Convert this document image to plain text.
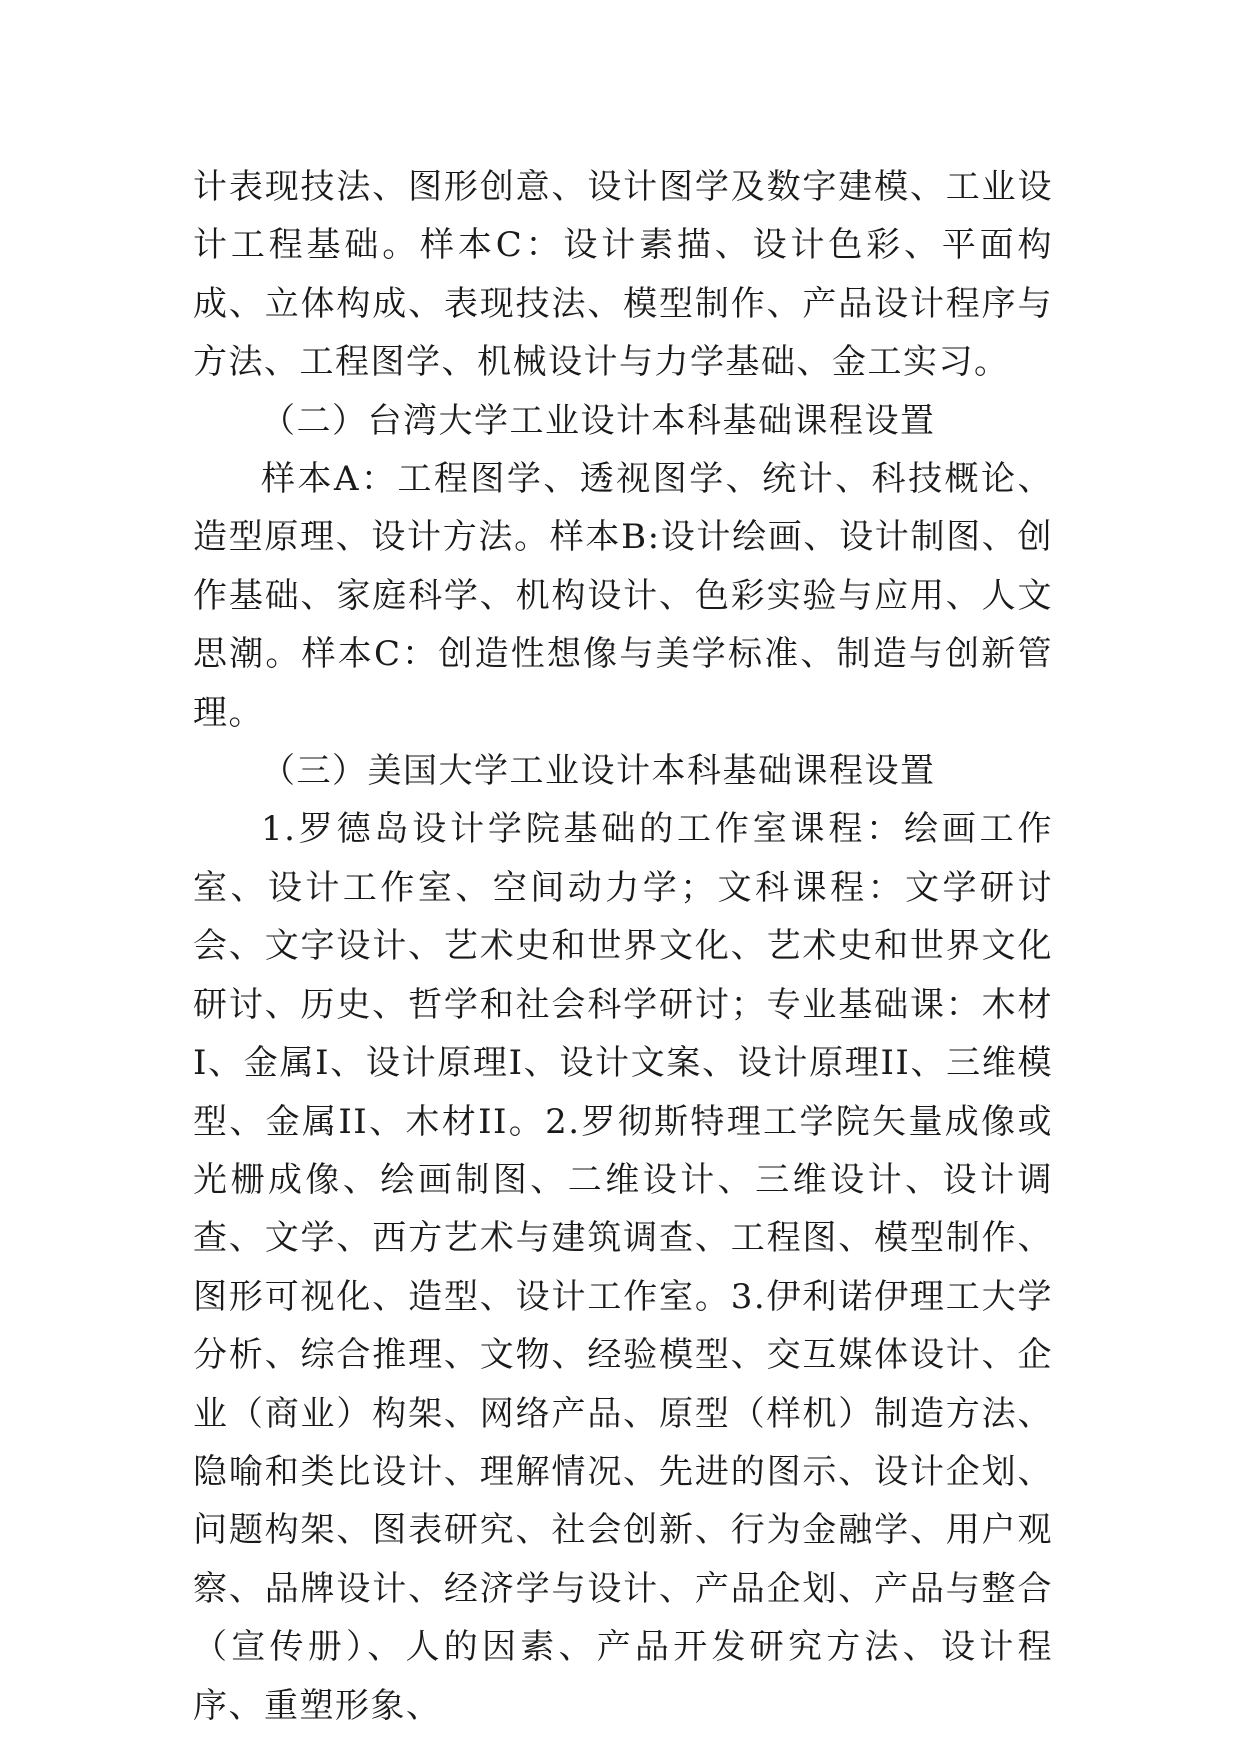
计表现技法、图形创意、设计图学及数字建模、工业设计工程基础。样本C：设计素描、设计色彩、平面构成、立体构成、表现技法、模型制作、产品设计程序与方法、工程图学、机械设计与力学基础、金工实习。

（二）台湾大学工业设计本科基础课程设置

样本A：工程图学、透视图学、统计、科技概论、造型原理、设计方法。样本B:设计绘画、设计制图、创作基础、家庭科学、机构设计、色彩实验与应用、人文思潮。样本C：创造性想像与美学标准、制造与创新管理。

（三）美国大学工业设计本科基础课程设置

1.罗德岛设计学院基础的工作室课程：绘画工作室、设计工作室、空间动力学；文科课程：文学研讨会、文字设计、艺术史和世界文化、艺术史和世界文化研讨、历史、哲学和社会科学研讨；专业基础课：木材I、金属I、设计原理I、设计文案、设计原理II、三维模型、金属II、木材II。2.罗彻斯特理工学院矢量成像或光栅成像、绘画制图、二维设计、三维设计、设计调查、文学、西方艺术与建筑调查、工程图、模型制作、图形可视化、造型、设计工作室。3.伊利诺伊理工大学分析、综合推理、文物、经验模型、交互媒体设计、企业（商业）构架、网络产品、原型（样机）制造方法、隐喻和类比设计、理解情况、先进的图示、设计企划、问题构架、图表研究、社会创新、行为金融学、用户观察、品牌设计、经济学与设计、产品企划、产品与整合（宣传册）、人的因素、产品开发研究方法、设计程序、重塑形象、
